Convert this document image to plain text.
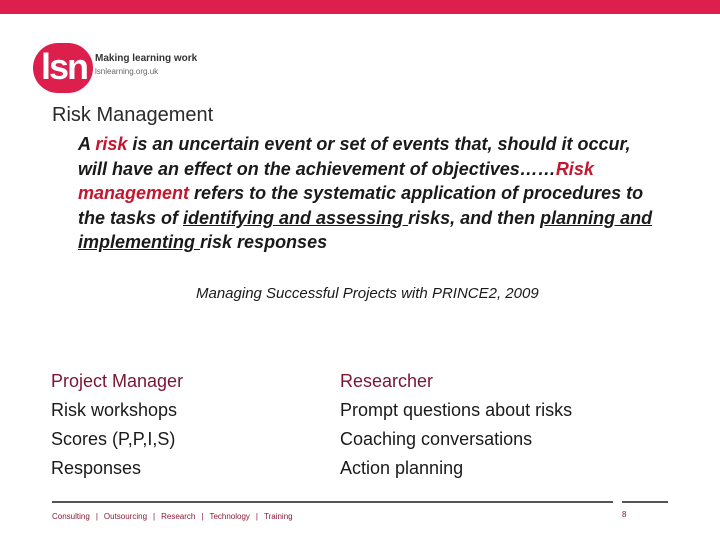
lsn Making learning work
lsnlearning.org.uk
Risk Management
A risk is an uncertain event or set of events that, should it occur, will have an effect on the achievement of objectives……Risk management refers to the systematic application of procedures to the tasks of identifying and assessing risks, and then planning and implementing risk responses
Managing Successful Projects with PRINCE2, 2009
Project Manager
Risk workshops
Scores (P,P,I,S)
Responses
Researcher
Prompt questions about risks
Coaching conversations
Action planning
Consulting | Outsourcing | Research | Technology | Training	8
